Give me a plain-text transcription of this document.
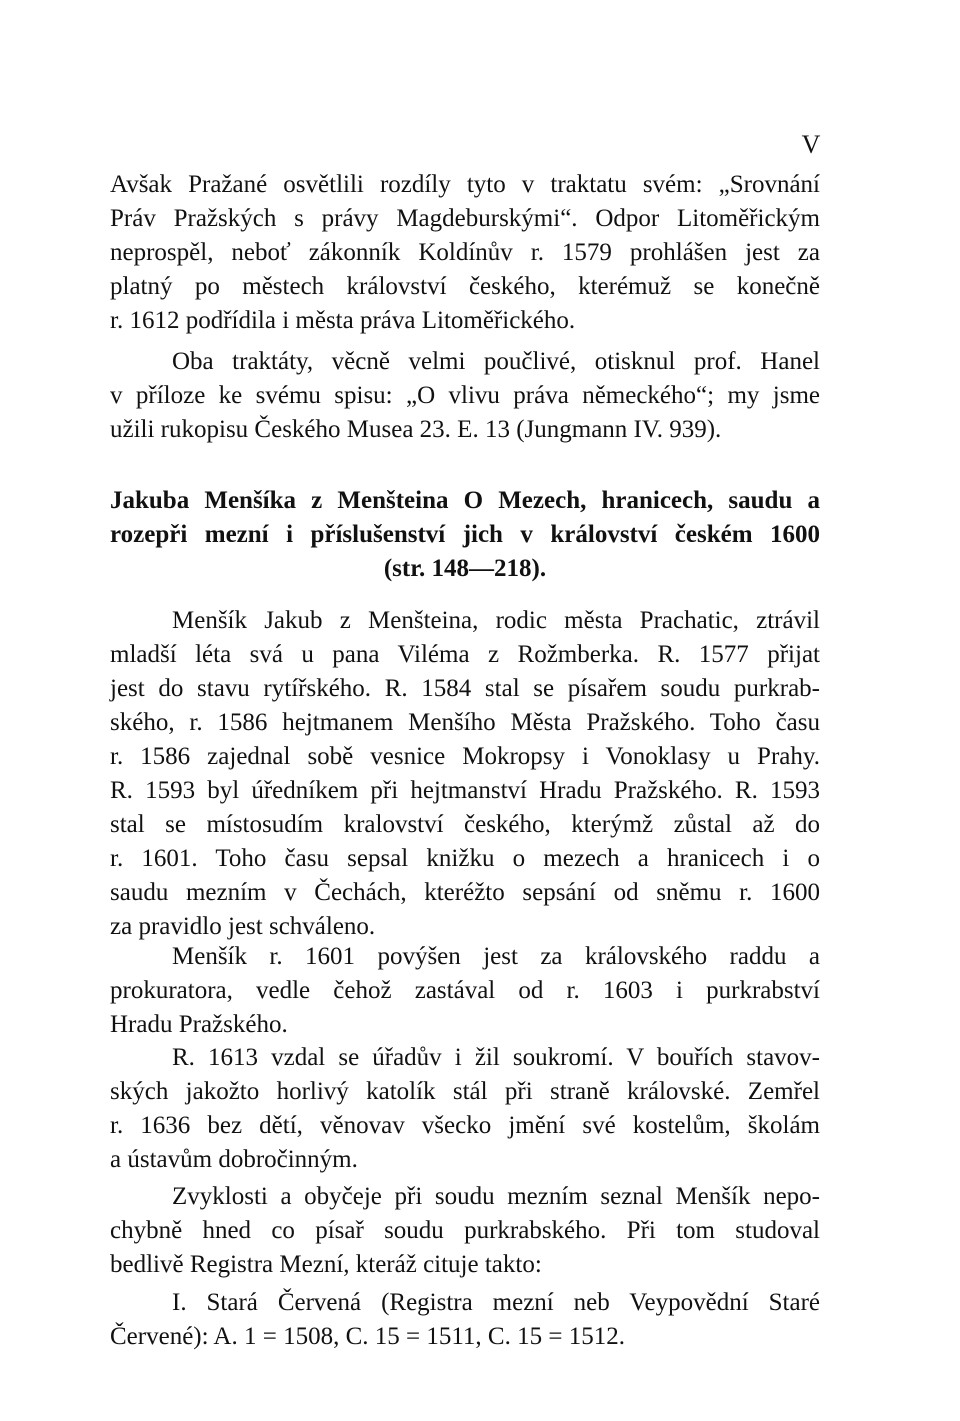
V
Avšak Pražané osvětlili rozdíly tyto v traktatu svém: „Srovnání
Práv Pražských s právy Magdeburskými“. Odpor Litoměřickým
neprospěl, neboť zákonník Koldínův r. 1579 prohlášen jest za
platný po městech království českého, kterémuž se konečně
r. 1612 podřídila i města práva Litoměřického.
Oba traktáty, věcně velmi poučlivé, otisknul prof. Hanel
v příloze ke svému spisu: „O vlivu práva německého“; my jsme
užili rukopisu Českého Musea 23. E. 13 (Jungmann IV. 939).
Jakuba Menšíka z Menšteina O Mezech, hranicech, saudu a
rozepři mezní i příslušenství jich v království českém 1600
(str. 148—218).
Menšík Jakub z Menšteina, rodic města Prachatic, ztrávil
mladší léta svá u pana Viléma z Rožmberka. R. 1577 přijat
jest do stavu rytířského. R. 1584 stal se písařem soudu purkrab-
ského, r. 1586 hejtmanem Menšího Města Pražského. Toho času
r. 1586 zajednal sobě vesnice Mokropsy i Vonoklasy u Prahy.
R. 1593 byl úředníkem při hejtmanství Hradu Pražského. R. 1593
stal se místosudím kralovství českého, kterýmž zůstal až do
r. 1601. Toho času sepsal knižku o mezech a hranicech i o
saudu mezním v Čechách, kteréžto sepsání od sněmu r. 1600
za pravidlo jest schváleno.
Menšík r. 1601 povýšen jest za královského raddu a
prokuratora, vedle čehož zastával od r. 1603 i purkrabství
Hradu Pražského.
R. 1613 vzdal se úřadův i žil soukromí. V bouřích stavov-
ských jakožto horlivý katolík stál při straně královské. Zemřel
r. 1636 bez dětí, věnovav všecko jmění své kostelům, školám
a ústavům dobročinným.
Zvyklosti a obyčeje při soudu mezním seznal Menšík nepo-
chybně hned co písař soudu purkrabského. Při tom studoval
bedlivě Registra Mezní, kteráž cituje takto:
I. Stará Červená (Registra mezní neb Veypovědní Staré
Červené): A. 1 = 1508, C. 15 = 1511, C. 15 = 1512.
